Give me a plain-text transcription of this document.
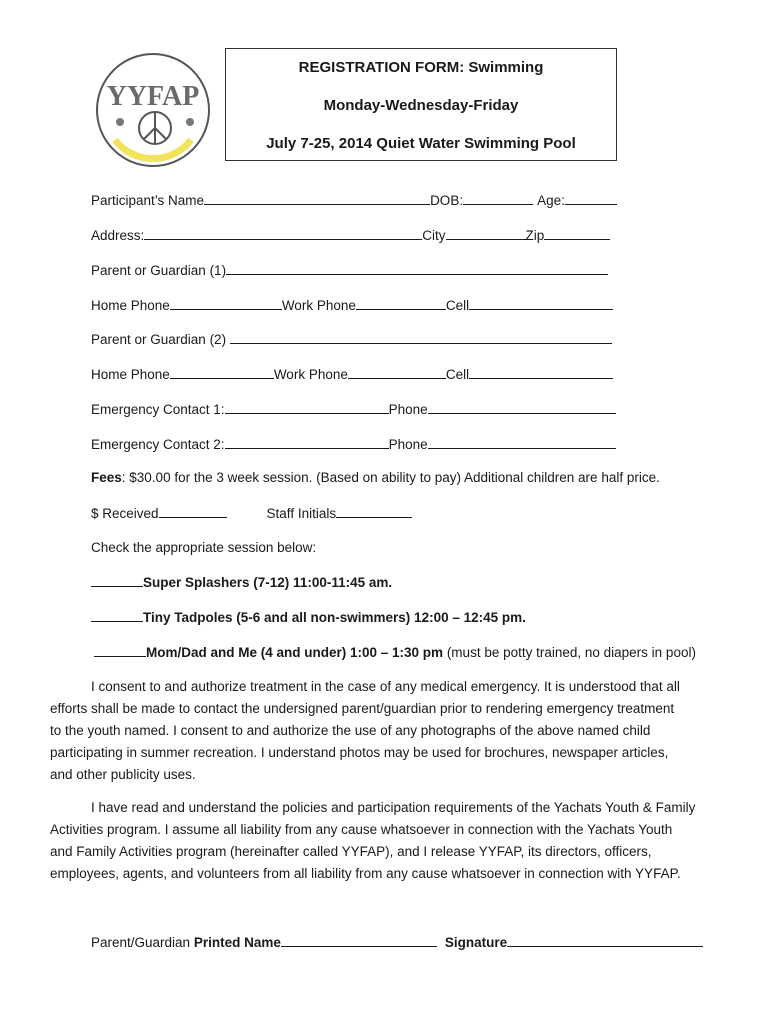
YYFAP
REGISTRATION FORM: Swimming
Monday-Wednesday-Friday
July 7-25, 2014 Quiet Water Swimming Pool
Participant’s Name	DOB:	Age:
Address:	City	Zip
Parent or Guardian (1)
Home Phone	Work Phone	Cell
Parent or Guardian (2)
Home Phone	Work Phone	Cell
Emergency Contact 1:	Phone
Emergency Contact 2:	Phone
Fees: $30.00 for the 3 week session. (Based on ability to pay) Additional children are half price.
$ Received	Staff Initials
Check the appropriate session below:
Super Splashers (7-12) 11:00-11:45 am.
Tiny Tadpoles (5-6 and all non-swimmers) 12:00 – 12:45 pm.
Mom/Dad and Me (4 and under) 1:00 – 1:30 pm (must be potty trained, no diapers in pool)
I consent to and authorize treatment in the case of any medical emergency. It is understood that all
efforts shall be made to contact the undersigned parent/guardian prior to rendering emergency treatment
to the youth named. I consent to and authorize the use of any photographs of the above named child
participating in summer recreation. I understand photos may be used for brochures, newspaper articles,
and other publicity uses.
I have read and understand the policies and participation requirements of the Yachats Youth & Family
Activities program. I assume all liability from any cause whatsoever in connection with the Yachats Youth
and Family Activities program (hereinafter called YYFAP), and I release YYFAP, its directors, officers,
employees, agents, and volunteers from all liability from any cause whatsoever in connection with YYFAP.
Parent/Guardian Printed Name	Signature
